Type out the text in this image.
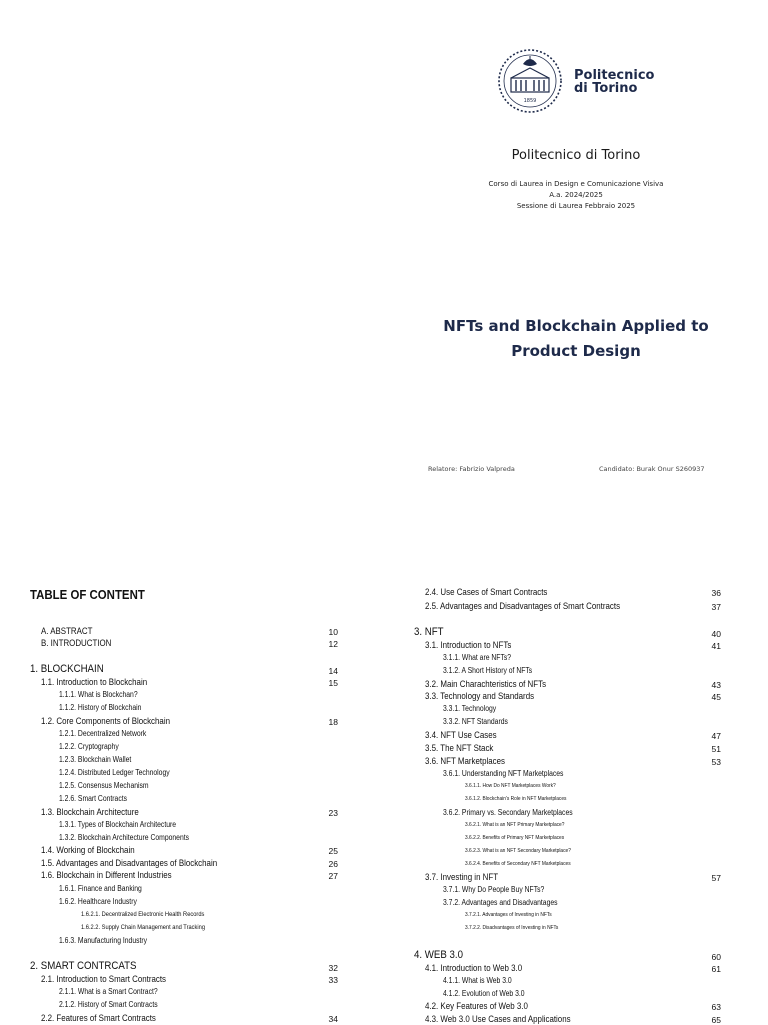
1859
Politecnico
di Torino
Politecnico di Torino
Corso di Laurea in Design e Comunicazione Visiva
A.a. 2024/2025
Sessione di Laurea Febbraio 2025
NFTs and Blockchain Applied to
Product Design
Relatore: Fabrizio Valpreda	Candidato: Burak Onur S260937
TABLE OF CONTENT
A. ABSTRACT	10
B. INTRODUCTION	12
1. BLOCKCHAIN	14
1.1. Introduction to Blockchain	15
1.1.1. What is Blockchan?
1.1.2. History of Blockchain
1.2. Core Components of Blockchain	18
1.2.1. Decentralized Network
1.2.2. Cryptography
1.2.3. Blockchain Wallet
1.2.4. Distributed Ledger Technology
1.2.5. Consensus Mechanism
1.2.6. Smart Contracts
1.3. Blockchain Architecture	23
1.3.1. Types of Blockchain Architecture
1.3.2. Blockchain Architecture Components
1.4. Working of Blockchain	25
1.5. Advantages and Disadvantages of Blockchain	26
1.6. Blockchain in Different Industries	27
1.6.1. Finance and Banking
1.6.2. Healthcare Industry
1.6.2.1. Decentralized Electronic Health Records
1.6.2.2. Supply Chain Management and Tracking
1.6.3. Manufacturing Industry
2. SMART CONTRCATS	32
2.1. Introduction to Smart Contracts	33
2.1.1. What is a Smart Contract?
2.1.2. History of Smart Contracts
2.2. Features of Smart Contracts	34
2.4. Use Cases of Smart Contracts	36
2.5. Advantages and Disadvantages of Smart Contracts	37
3. NFT	40
3.1. Introduction to NFTs	41
3.1.1. What are NFTs?
3.1.2. A Short History of NFTs
3.2. Main Charachteristics of NFTs	43
3.3. Technology and Standards	45
3.3.1. Technology
3.3.2. NFT Standards
3.4. NFT Use Cases	47
3.5. The NFT Stack	51
3.6. NFT Marketplaces	53
3.6.1. Understanding NFT Marketplaces
3.6.1.1. How Do NFT Marketplaces Work?
3.6.1.2. Blockchain's Role in NFT Marketplaces
3.6.2. Primary vs. Secondary Marketplaces
3.6.2.1. What is an NFT Primary Marketplace?
3.6.2.2. Benefits of Primary NFT Marketplaces
3.6.2.3. What is an NFT Secondary Marketplace?
3.6.2.4. Benefits of Secondary NFT Marketplaces
3.7. Investing in NFT	57
3.7.1. Why Do People Buy NFTs?
3.7.2. Advantages and Disadvantages
3.7.2.1. Advantages of Investing in NFTs
3.7.2.2. Disadvantages of Investing in NFTs
4. WEB 3.0	60
4.1. Introduction to Web 3.0	61
4.1.1. What is Web 3.0
4.1.2. Evolution of Web 3.0
4.2. Key Features of Web 3.0	63
4.3. Web 3.0 Use Cases and Applications	65
